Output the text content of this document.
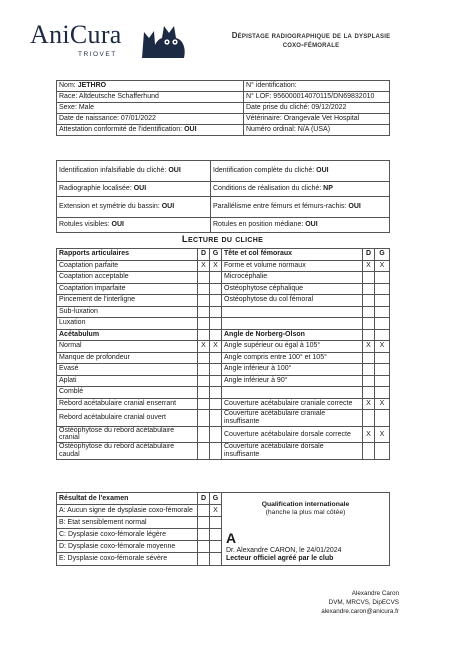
AniCura
TRIOVET
Dépistage radiographique de la dysplasie
coxo-fémorale
Nom: JETHRO	N° identification:
Race: Altdeutsche Schafferhund	N° LOF: 956000014070115/DN69832010

Sexe: Male	Date prise du cliché: 09/12/2022
Date de naissance: 07/01/2022	Vétérinaire: Orangevale Vet Hospital

Attestation conformité de l'identification: OUI	Numéro ordinal: N/A (USA)
Identification infalsifiable du cliché: OUI	Identification complète du cliché: OUI
Radiographie localisée: OUI	Conditions de réalisation du cliché: NP
Extension et symétrie du bassin: OUI	Parallélisme entre fémurs et fémurs-rachis: OUI
Rotules visibles: OUI	Rotules en position médiane: OUI
Lecture du cliche
Rapports articulaires	D	G	Tête et col fémoraux	D	G
Coaptation parfaite	X	X	Forme et volume normaux	X	X
Coaptation acceptable			Microcéphalie		
Coaptation imparfaite			Ostéophytose céphalique		
Pincement de l'interligne			Ostéophytose du col fémoral		
Sub-luxation					
Luxation					
Acétabulum			Angle de Norberg-Olson		
Normal	X	X	Angle supérieur ou égal à 105°	X	X
Manque de profondeur			Angle compris entre 100° et 105°		
Evasé			Angle inférieur à 100°		
Aplati			Angle inférieur à 90°		
Comblé					
Rebord acétabulaire cranial enserrant			Couverture acétabulaire craniale correcte	X	X
Rebord acétabulaire cranial ouvert			Couverture acétabulaire craniale insuffisante		
Ostéophytose du rebord acétabulaire cranial			Couverture acétabulaire dorsale correcte	X	X
Ostéophytose du rebord acétabulaire caudal			Couverture acétabulaire dorsale insuffisante		
Résultat de l'examen	D	G	Qualification internationale
(hanche la plus mal côtée)
A
Dr. Alexandre CARON, le 24/01/2024
Lecteur officiel agréé par le club

A: Aucun signe de dysplasie coxo-fémorale		X	
B: Etat sensiblement normal			
C: Dysplasie coxo-fémorale légère			
D: Dysplasie coxo-fémorale moyenne			
E: Dysplasie coxo-fémorale sévère			
Alexandre Caron
DVM, MRCVS, DipECVS
alexandre.caron@anicura.fr
